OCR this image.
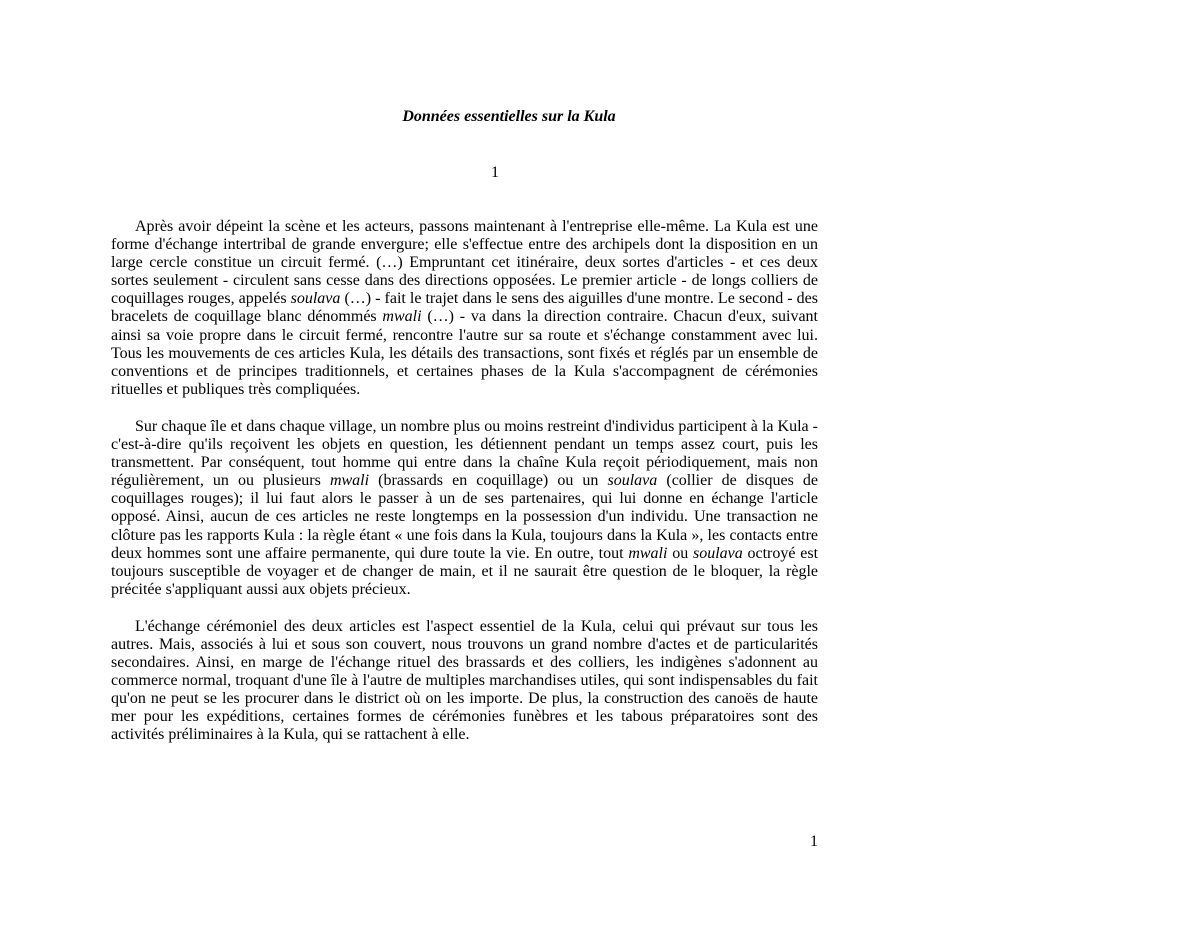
Données essentielles sur la Kula
1

Après avoir dépeint la scène et les acteurs, passons maintenant à l'entreprise elle-même. La Kula est une forme d'échange intertribal de grande envergure; elle s'effectue entre des archipels dont la disposition en un large cercle constitue un circuit fermé. (…) Empruntant cet itinéraire, deux sortes d'articles - et ces deux sortes seulement - circulent sans cesse dans des directions opposées. Le premier article - de longs colliers de coquillages rouges, appelés soulava (…) - fait le trajet dans le sens des aiguilles d'une montre. Le second - des bracelets de coquillage blanc dénommés mwali (…) - va dans la direction contraire. Chacun d'eux, suivant ainsi sa voie propre dans le circuit fermé, rencontre l'autre sur sa route et s'échange constamment avec lui. Tous les mouvements de ces articles Kula, les détails des transactions, sont fixés et réglés par un ensemble de conventions et de principes traditionnels, et certaines phases de la Kula s'accompagnent de cérémonies rituelles et publiques très compliquées.

Sur chaque île et dans chaque village, un nombre plus ou moins restreint d'individus participent à la Kula - c'est-à-dire qu'ils reçoivent les objets en question, les détiennent pendant un temps assez court, puis les transmettent. Par conséquent, tout homme qui entre dans la chaîne Kula reçoit périodiquement, mais non régulièrement, un ou plusieurs mwali (brassards en coquillage) ou un soulava (collier de disques de coquillages rouges); il lui faut alors le passer à un de ses partenaires, qui lui donne en échange l'article opposé. Ainsi, aucun de ces articles ne reste longtemps en la possession d'un individu. Une transaction ne clôture pas les rapports Kula : la règle étant « une fois dans la Kula, toujours dans la Kula », les contacts entre deux hommes sont une affaire permanente, qui dure toute la vie. En outre, tout mwali ou soulava octroyé est toujours susceptible de voyager et de changer de main, et il ne saurait être question de le bloquer, la règle précitée s'appliquant aussi aux objets précieux.

L'échange cérémoniel des deux articles est l'aspect essentiel de la Kula, celui qui prévaut sur tous les autres. Mais, associés à lui et sous son couvert, nous trouvons un grand nombre d'actes et de particularités secondaires. Ainsi, en marge de l'échange rituel des brassards et des colliers, les indigènes s'adonnent au commerce normal, troquant d'une île à l'autre de multiples marchandises utiles, qui sont indispensables du fait qu'on ne peut se les procurer dans le district où on les importe. De plus, la construction des canoës de haute mer pour les expéditions, certaines formes de cérémonies funèbres et les tabous préparatoires sont des activités préliminaires à la Kula, qui se rattachent à elle.

1
